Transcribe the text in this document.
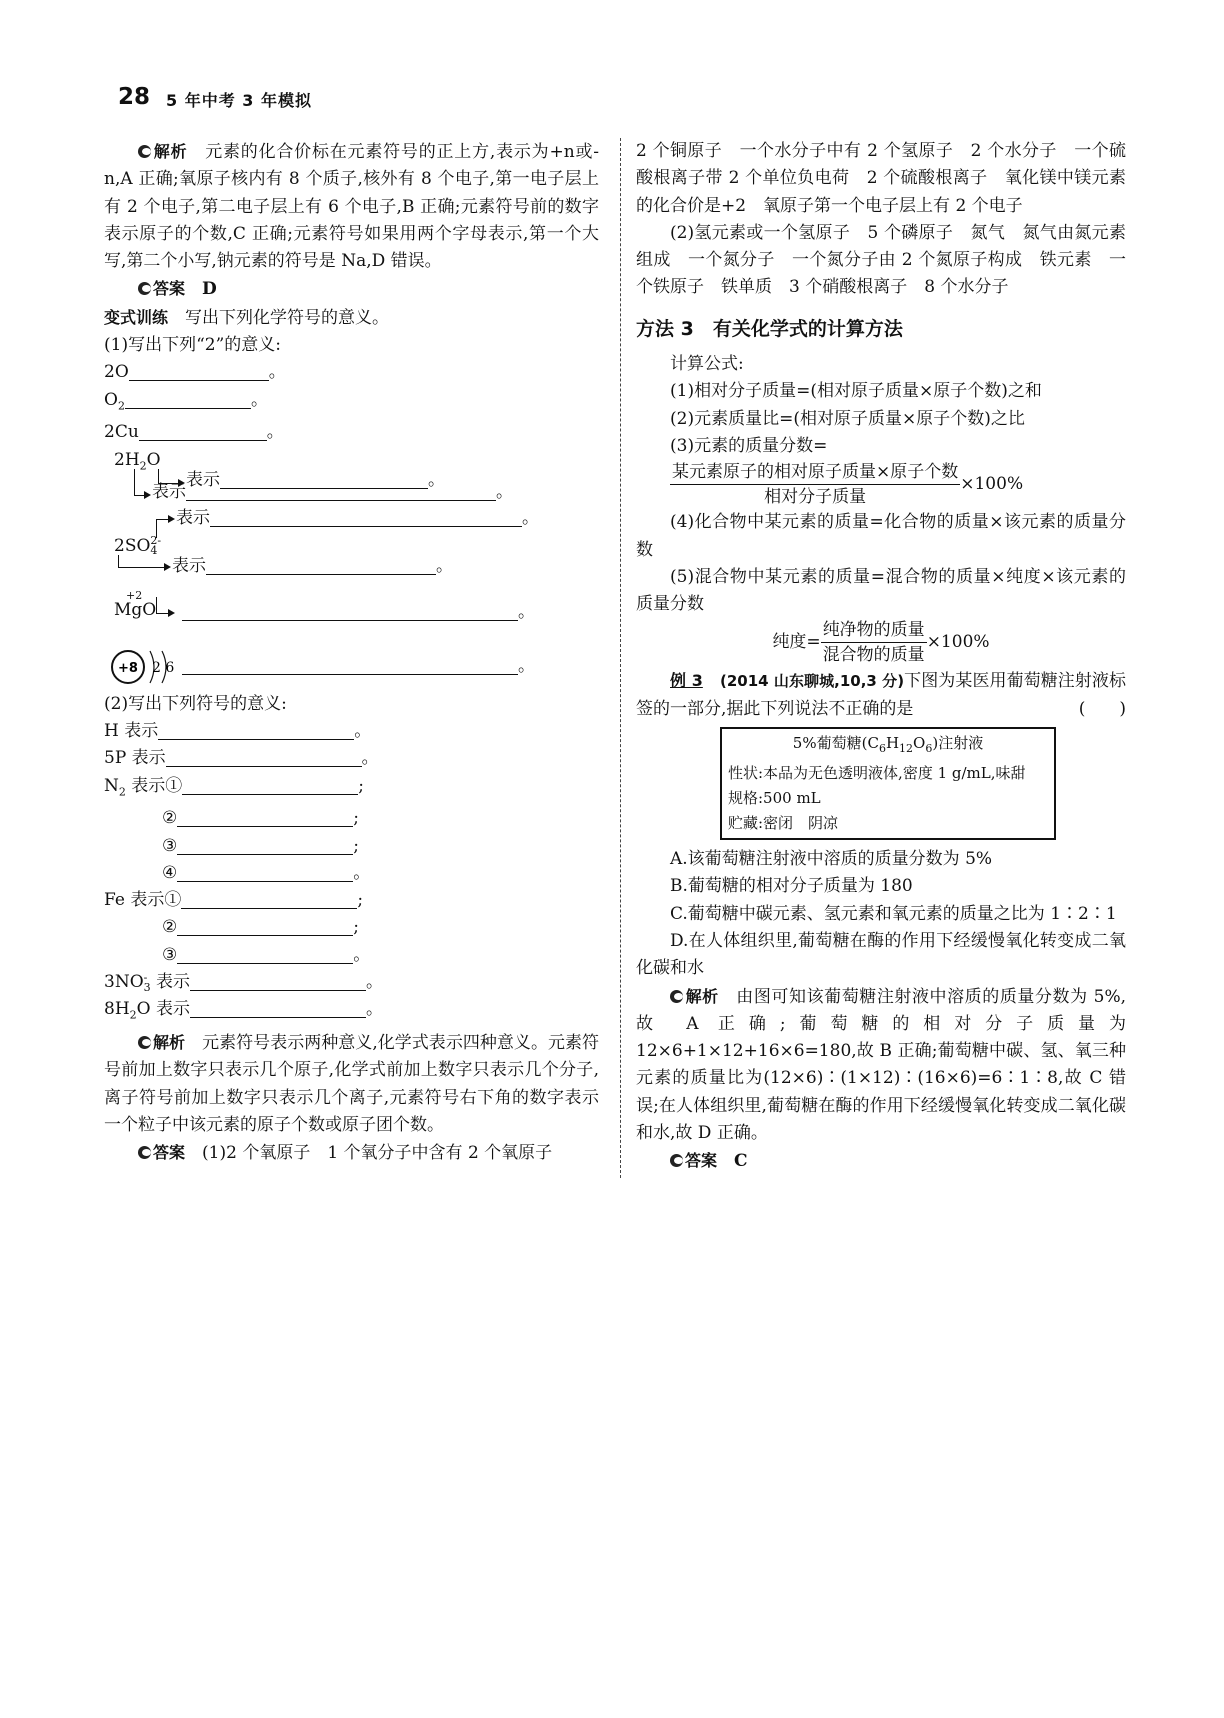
28 5 年中考 3 年模拟

解析　 元素的化合价标在元素符号的正上方,表示为+n或-n,A 正确;氧原子核内有 8 个质子,核外有 8 个电子,第一电子层上有 2 个电子,第二电子层上有 6 个电子,B 正确;元素符号前的数字表示原子的个数,C 正确;元素符号如果用两个字母表示,第一个大写,第二个小写,钠元素的符号是 Na,D 错误。

答案　 D

变式训练　 写出下列化学符号的意义。

(1)写出下列“2”的意义:

2O	。

$O_2$	。

2Cu	。

$2H_2O$
表示	。
表示	。
表示	。
2SO 2-
4
表示	。
+2
MgO	。
+8 2 6	。

(2)写出下列符号的意义:

H 表示	。

5P 表示	。

$N_2$ 表示①	;

②	;

③	;

④	。

Fe 表示①	;

②	;

③	。

3NO -
3 表示	。

$8H_2O$ 表示	。

解析　 元素符号表示两种意义,化学式表示四种意义。元素符号前加上数字只表示几个原子,化学式前加上数字只表示几个分子,离子符号前加上数字只表示几个离子,元素符号右下角的数字表示一个粒子中该元素的原子个数或原子团个数。

答案　 (1)2 个氧原子　1 个氧分子中含有 2 个氧原子

2 个铜原子　一个水分子中有 2 个氢原子　2 个水分子　一个硫酸根离子带 2 个单位负电荷　2 个硫酸根离子　氧化镁中镁元素的化合价是+2　氧原子第一个电子层上有 2 个电子

(2)氢元素或一个氢原子　5 个磷原子　氮气　氮气由氮元素组成　一个氮分子　一个氮分子由 2 个氮原子构成　铁元素　一个铁原子　铁单质　3 个硝酸根离子　8 个水分子

方法 3　有关化学式的计算方法

计算公式:

(1)相对分子质量=(相对原子质量×原子个数)之和

(2)元素质量比=(相对原子质量×原子个数)之比

(3)元素的质量分数=

$\frac{\text{某元素原子的相对原子质量×原子个数}}{\text{相对分子质量}} \times 100\%$

(4)化合物中某元素的质量=化合物的质量×该元素的质量分数

(5)混合物中某元素的质量=混合物的质量×纯度×该元素的质量分数

纯度= $\frac{\text{纯净物的质量}}{\text{混合物的质量}} \times 100\%$

例 3　 (2014 山东聊城,10,3 分)下图为某医用葡萄糖注射液标签的一部分,据此下列说法不正确的是	(　　)

5%葡萄糖$(C_6H_{12}O_6)$注射液
性状:本品为无色透明液体,密度 1 g/mL,味甜
规格:500 mL
贮藏:密闭　阴凉

A.该葡萄糖注射液中溶质的质量分数为 5%

B.葡萄糖的相对分子质量为 180

C.葡萄糖中碳元素、氢元素和氧元素的质量之比为 1∶2∶1

D.在人体组织里,葡萄糖在酶的作用下经缓慢氧化转变成二氧化碳和水

解析　 由图可知该葡萄糖注射液中溶质的质量分数为 5%,故 A 正确;葡萄糖的相对分子质量为 12×6+1×12+16×6=180,故 B 正确;葡萄糖中碳、氢、氧三种元素的质量比为(12×6)∶(1×12)∶(16×6)=6∶1∶8,故 C 错误;在人体组织里,葡萄糖在酶的作用下经缓慢氧化转变成二氧化碳和水,故 D 正确。

答案　 C
